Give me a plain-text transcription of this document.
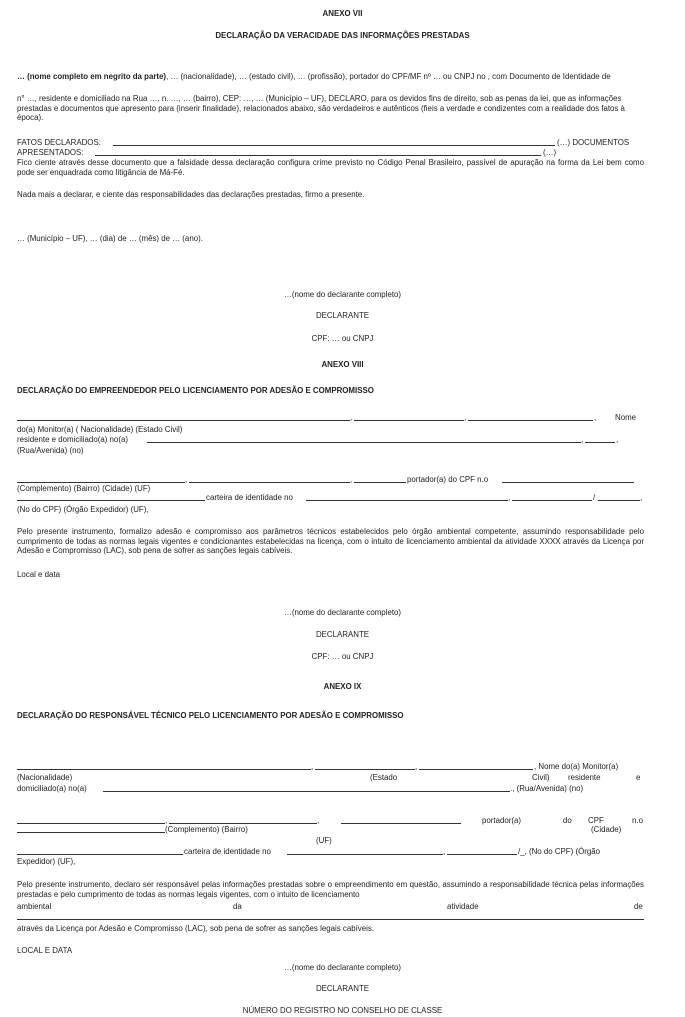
ANEXO VII

DECLARAÇÃO DA VERACIDADE DAS INFORMAÇÕES PRESTADAS

… (nome completo em negrito da parte), … (nacionalidade), … (estado civil), … (profissão), portador do CPF/MF nº … ou CNPJ no , com Documento de Identidade de

n° …, residente e domiciliado na Rua …, n. …, … (bairro), CEP: …, … (Município – UF), DECLARO, para os devidos fins de direito, sob as penas da lei, que as informações prestadas e documentos que apresento para (inserir finalidade), relacionados abaixo, são verdadeiros e autênticos (fieis a verdade e condizentes com a realidade dos fatos à época).

FATOS DECLARADOS:	(…) DOCUMENTOS
APRESENTADOS:	(…)

Fico ciente através desse documento que a falsidade dessa declaração configura crime previsto no Código Penal Brasileiro, passível de apuração na forma da Lei bem como pode ser enquadrada como litigância de Má-Fé.

Nada mais a declarar, e ciente das responsabilidades das declarações prestadas, firmo a presente.

… (Município – UF), … (dia) de … (mês) de … (ano).

…(nome do declarante completo)

DECLARANTE

CPF: … ou CNPJ

ANEXO VIII

DECLARAÇÃO DO EMPREENDEDOR PELO LICENCIAMENTO POR ADESÃO E COMPROMISSO

,	,	, Nome
do(a) Monitor(a) ( Nacionalidade) (Estado Civil)
residente e domiciliado(a) no(a)	,	,
(Rua/Avenida) (no)
,	,	portador(a) do CPF n.o
(Complemento) (Bairro) (Cidade) (UF)
carteira de identidade no	,	/	,
(No do CPF) (Órgão Expedidor) (UF),

Pelo presente instrumento, formalizo adesão e compromisso aos parâmetros técnicos estabelecidos pelo órgão ambiental competente, assumindo responsabilidade pelo cumprimento de todas as normas legais vigentes e condicionantes estabelecidas na licença, com o intuito de licenciamento ambiental da atividade XXXX através da Licença por Adesão e Compromisso (LAC), sob pena de sofrer as sanções legais cabíveis.

Local e data

…(nome do declarante completo)

DECLARANTE

CPF: … ou CNPJ

ANEXO IX

DECLARAÇÃO DO RESPONSÁVEL TÉCNICO PELO LICENCIAMENTO POR ADESÃO E COMPROMISSO

,	,	, Nome do(a) Monitor(a)
(Nacionalidade)	(Estado	Civil) residente	e
domiciliado(a) no(a)	., (Rua/Avenida) (no)
,	,	portador(a)	do CPF	n.o
(Complemento) (Bairro)	(Cidade)
(UF)
carteira de identidade no	,	/_, (No do CPF) (Órgão
Expedidor) (UF),

Pelo presente instrumento, declaro ser responsável pelas informações prestadas sobre o empreendimento em questão, assumindo a responsabilidade técnica pelas informações prestadas e pelo cumprimento de todas as normas legais vigentes, com o intuito de licenciamento

ambiental	da	atividade	de

através da Licença por Adesão e Compromisso (LAC), sob pena de sofrer as sanções legais cabíveis.

LOCAL E DATA

…(nome do declarante completo)

DECLARANTE

NÚMERO DO REGISTRO NO CONSELHO DE CLASSE
